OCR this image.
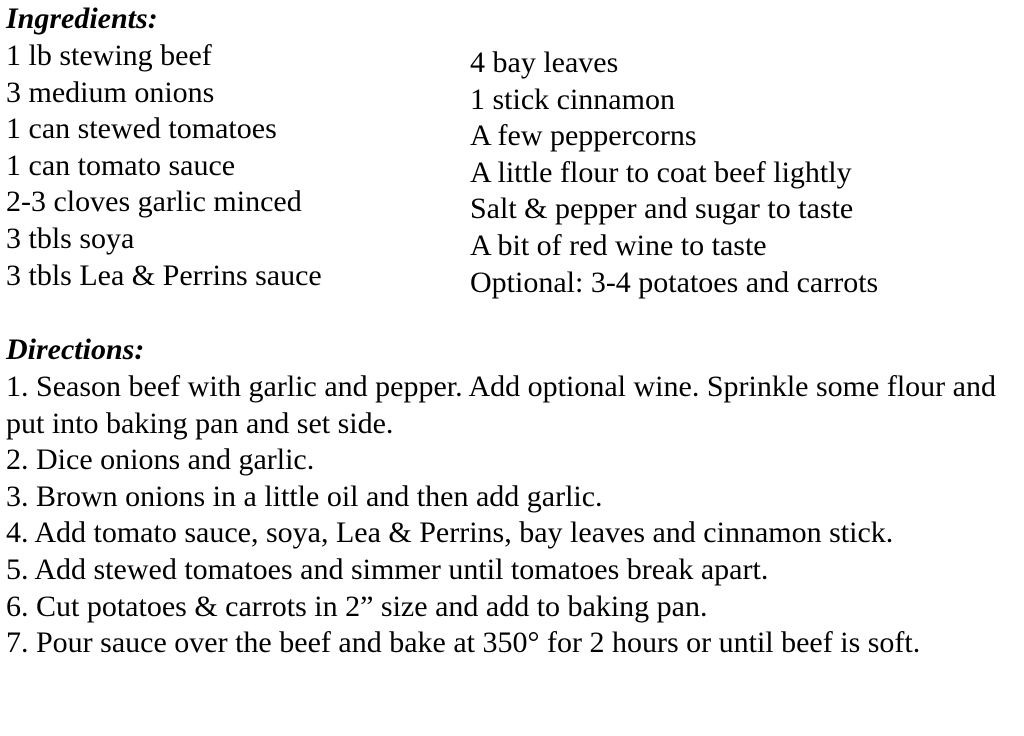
Ingredients:
1 lb stewing beef
3 medium onions
1 can stewed tomatoes
1 can tomato sauce
2-3 cloves garlic minced
3 tbls soya
3 tbls Lea & Perrins sauce
4 bay leaves
1 stick cinnamon
A few peppercorns
A little flour to coat beef lightly
Salt & pepper and sugar to taste
A bit of red wine to taste
Optional: 3-4 potatoes and carrots
Directions:
1. Season beef with garlic and pepper. Add optional wine. Sprinkle some flour and put into baking pan and set side.
2. Dice onions and garlic.
3. Brown onions in a little oil and then add garlic.
4. Add tomato sauce, soya, Lea & Perrins, bay leaves and cinnamon stick.
5. Add stewed tomatoes and simmer until tomatoes break apart.
6. Cut potatoes & carrots in 2” size and add to baking pan.
7. Pour sauce over the beef and bake at 350° for 2 hours or until beef is soft.
